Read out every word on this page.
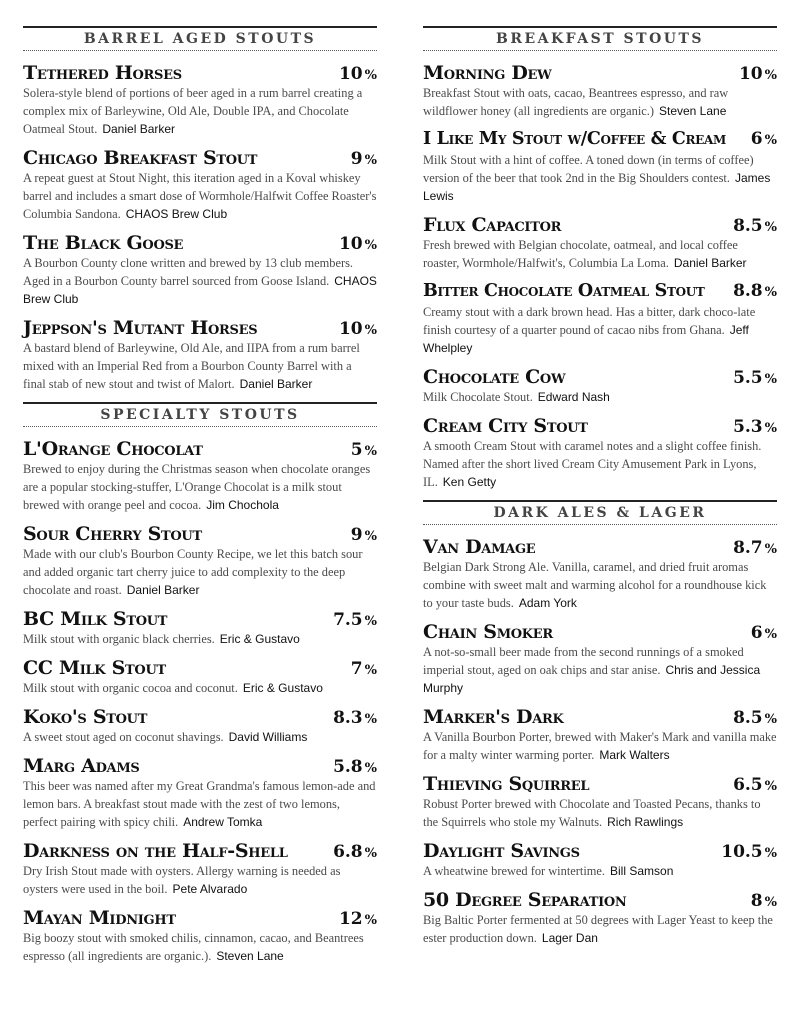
BARREL AGED STOUTS
Tethered Horses	10 %

Solera-style blend of portions of beer aged in a rum barrel creating a complex mix of Barleywine, Old Ale, Double IPA, and Chocolate Oatmeal Stout. Daniel Barker

Chicago Breakfast Stout	9 %

A repeat guest at Stout Night, this iteration aged in a Koval whiskey barrel and includes a smart dose of Wormhole/Halfwit Coffee Roaster's Columbia Sandona. CHAOS Brew Club

The Black Goose	10 %

A Bourbon County clone written and brewed by 13 club members. Aged in a Bourbon County barrel sourced from Goose Island. CHAOS Brew Club

Jeppson's Mutant Horses	10 %

A bastard blend of Barleywine, Old Ale, and IIPA from a rum barrel mixed with an Imperial Red from a Bourbon County Barrel with a final stab of new stout and twist of Malort. Daniel Barker

SPECIALTY STOUTS
L'Orange Chocolat	5 %

Brewed to enjoy during the Christmas season when chocolate oranges are a popular stocking-stuffer, L'Orange Chocolat is a milk stout brewed with orange peel and cocoa. Jim Chochola

Sour Cherry Stout	9 %

Made with our club's Bourbon County Recipe, we let this batch sour and added organic tart cherry juice to add complexity to the deep chocolate and roast. Daniel Barker

BC Milk Stout	7.5 %

Milk stout with organic black cherries. Eric & Gustavo

CC Milk Stout	7 %

Milk stout with organic cocoa and coconut. Eric & Gustavo

Koko's Stout	8.3 %

A sweet stout aged on coconut shavings. David Williams

Marg Adams	5.8 %

This beer was named after my Great Grandma's famous lemon-ade and lemon bars. A breakfast stout made with the zest of two lemons, perfect pairing with spicy chili. Andrew Tomka

Darkness on the Half-Shell	6.8 %

Dry Irish Stout made with oysters. Allergy warning is needed as oysters were used in the boil. Pete Alvarado

Mayan Midnight	12 %

Big boozy stout with smoked chilis, cinnamon, cacao, and Beantrees espresso (all ingredients are organic.). Steven Lane

BREAKFAST STOUTS
Morning Dew	10 %

Breakfast Stout with oats, cacao, Beantrees espresso, and raw wildflower honey (all ingredients are organic.) Steven Lane

I Like My Stout w/Coffee & Cream 6 %

Milk Stout with a hint of coffee. A toned down (in terms of coffee) version of the beer that took 2nd in the Big Shoulders contest. James Lewis

Flux Capacitor	8.5 %

Fresh brewed with Belgian chocolate, oatmeal, and local coffee roaster, Wormhole/Halfwit's, Columbia La Loma. Daniel Barker

Bitter Chocolate Oatmeal Stout 8.8 %

Creamy stout with a dark brown head. Has a bitter, dark choco-late finish courtesy of a quarter pound of cacao nibs from Ghana. Jeff Whelpley

Chocolate Cow	5.5 %

Milk Chocolate Stout. Edward Nash

Cream City Stout	5.3 %

A smooth Cream Stout with caramel notes and a slight coffee finish. Named after the short lived Cream City Amusement Park in Lyons, IL. Ken Getty

DARK ALES & LAGER
Van Damage	8.7 %

Belgian Dark Strong Ale. Vanilla, caramel, and dried fruit aromas combine with sweet malt and warming alcohol for a roundhouse kick to your taste buds. Adam York

Chain Smoker	6 %

A not-so-small beer made from the second runnings of a smoked imperial stout, aged on oak chips and star anise. Chris and Jessica Murphy

Marker's Dark	8.5 %

A Vanilla Bourbon Porter, brewed with Maker's Mark and vanilla make for a malty winter warming porter. Mark Walters

Thieving Squirrel	6.5 %

Robust Porter brewed with Chocolate and Toasted Pecans, thanks to the Squirrels who stole my Walnuts. Rich Rawlings

Daylight Savings	10.5 %

A wheatwine brewed for wintertime. Bill Samson

50 Degree Separation	8 %

Big Baltic Porter fermented at 50 degrees with Lager Yeast to keep the ester production down. Lager Dan
